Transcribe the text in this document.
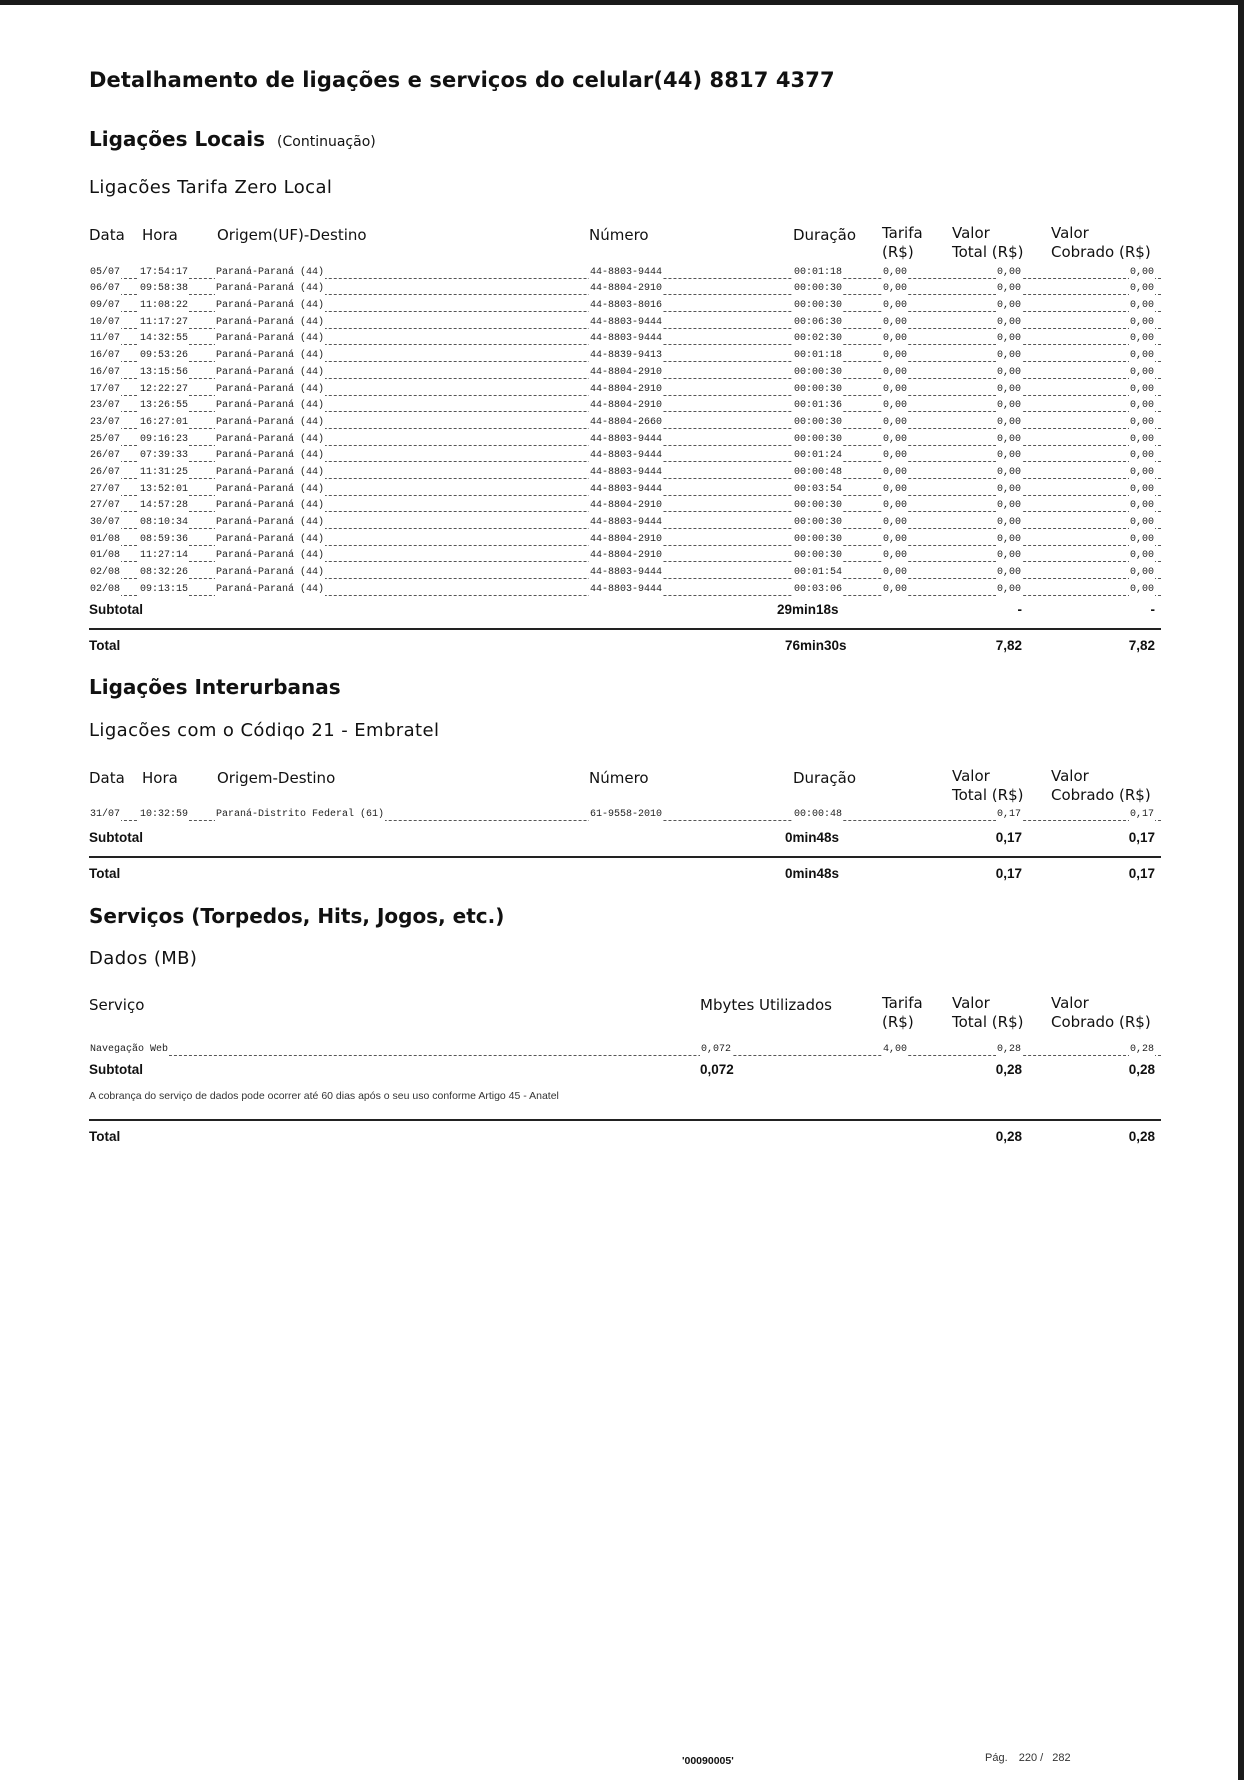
Detalhamento de ligações e serviços do celular(44) 8817 4377
Ligações Locais (Continuação)
Ligacões Tarifa Zero Local
Data Hora	Origem(UF)-Destino	Número	Duração Tarifa
(R$)
Valor
Total (R$)
Valor
Cobrado (R$)
05/07 17:54:17	Paraná-Paraná (44)	44-8803-9444	00:01:18	0,00	0,00	0,00
06/07 09:58:38	Paraná-Paraná (44)	44-8804-2910	00:00:30	0,00	0,00	0,00
09/07 11:08:22	Paraná-Paraná (44)	44-8803-8016	00:00:30	0,00	0,00	0,00
10/07 11:17:27	Paraná-Paraná (44)	44-8803-9444	00:06:30	0,00	0,00	0,00
11/07 14:32:55	Paraná-Paraná (44)	44-8803-9444	00:02:30	0,00	0,00	0,00
16/07 09:53:26	Paraná-Paraná (44)	44-8839-9413	00:01:18	0,00	0,00	0,00
16/07 13:15:56	Paraná-Paraná (44)	44-8804-2910	00:00:30	0,00	0,00	0,00
17/07 12:22:27	Paraná-Paraná (44)	44-8804-2910	00:00:30	0,00	0,00	0,00
23/07 13:26:55	Paraná-Paraná (44)	44-8804-2910	00:01:36	0,00	0,00	0,00
23/07 16:27:01	Paraná-Paraná (44)	44-8804-2660	00:00:30	0,00	0,00	0,00
25/07 09:16:23	Paraná-Paraná (44)	44-8803-9444	00:00:30	0,00	0,00	0,00
26/07 07:39:33	Paraná-Paraná (44)	44-8803-9444	00:01:24	0,00	0,00	0,00
26/07 11:31:25	Paraná-Paraná (44)	44-8803-9444	00:00:48	0,00	0,00	0,00
27/07 13:52:01	Paraná-Paraná (44)	44-8803-9444	00:03:54	0,00	0,00	0,00
27/07 14:57:28	Paraná-Paraná (44)	44-8804-2910	00:00:30	0,00	0,00	0,00
30/07 08:10:34	Paraná-Paraná (44)	44-8803-9444	00:00:30	0,00	0,00	0,00
01/08 08:59:36	Paraná-Paraná (44)	44-8804-2910	00:00:30	0,00	0,00	0,00
01/08 11:27:14	Paraná-Paraná (44)	44-8804-2910	00:00:30	0,00	0,00	0,00
02/08 08:32:26	Paraná-Paraná (44)	44-8803-9444	00:01:54	0,00	0,00	0,00
02/08 09:13:15	Paraná-Paraná (44)	44-8803-9444	00:03:06	0,00	0,00	0,00
Subtotal	29min18s	-	-
Total	76min30s	7,82	7,82
Ligações Interurbanas
Ligacões com o Códiqo 21 - Embratel
Data Hora	Origem-Destino	Número	Duração	Valor
Total (R$)
Valor
Cobrado (R$)
31/07 10:32:59	Paraná-Distrito Federal (61)	61-9558-2010	00:00:48	0,17	0,17
Subtotal	0min48s	0,17	0,17
Total	0min48s	0,17	0,17
Serviços (Torpedos, Hits, Jogos, etc.)
Dados (MB)
Serviço	Mbytes Utilizados	Tarifa
(R$)
Valor
Total (R$)
Valor
Cobrado (R$)
Navegação Web	0,072	4,00	0,28	0,28
Subtotal	0,072	0,28	0,28
A cobrança do serviço de dados pode ocorrer até 60 dias após o seu uso conforme Artigo 45 - Anatel
Total	0,28	0,28
'00090005'	Pág. 220 / 282
